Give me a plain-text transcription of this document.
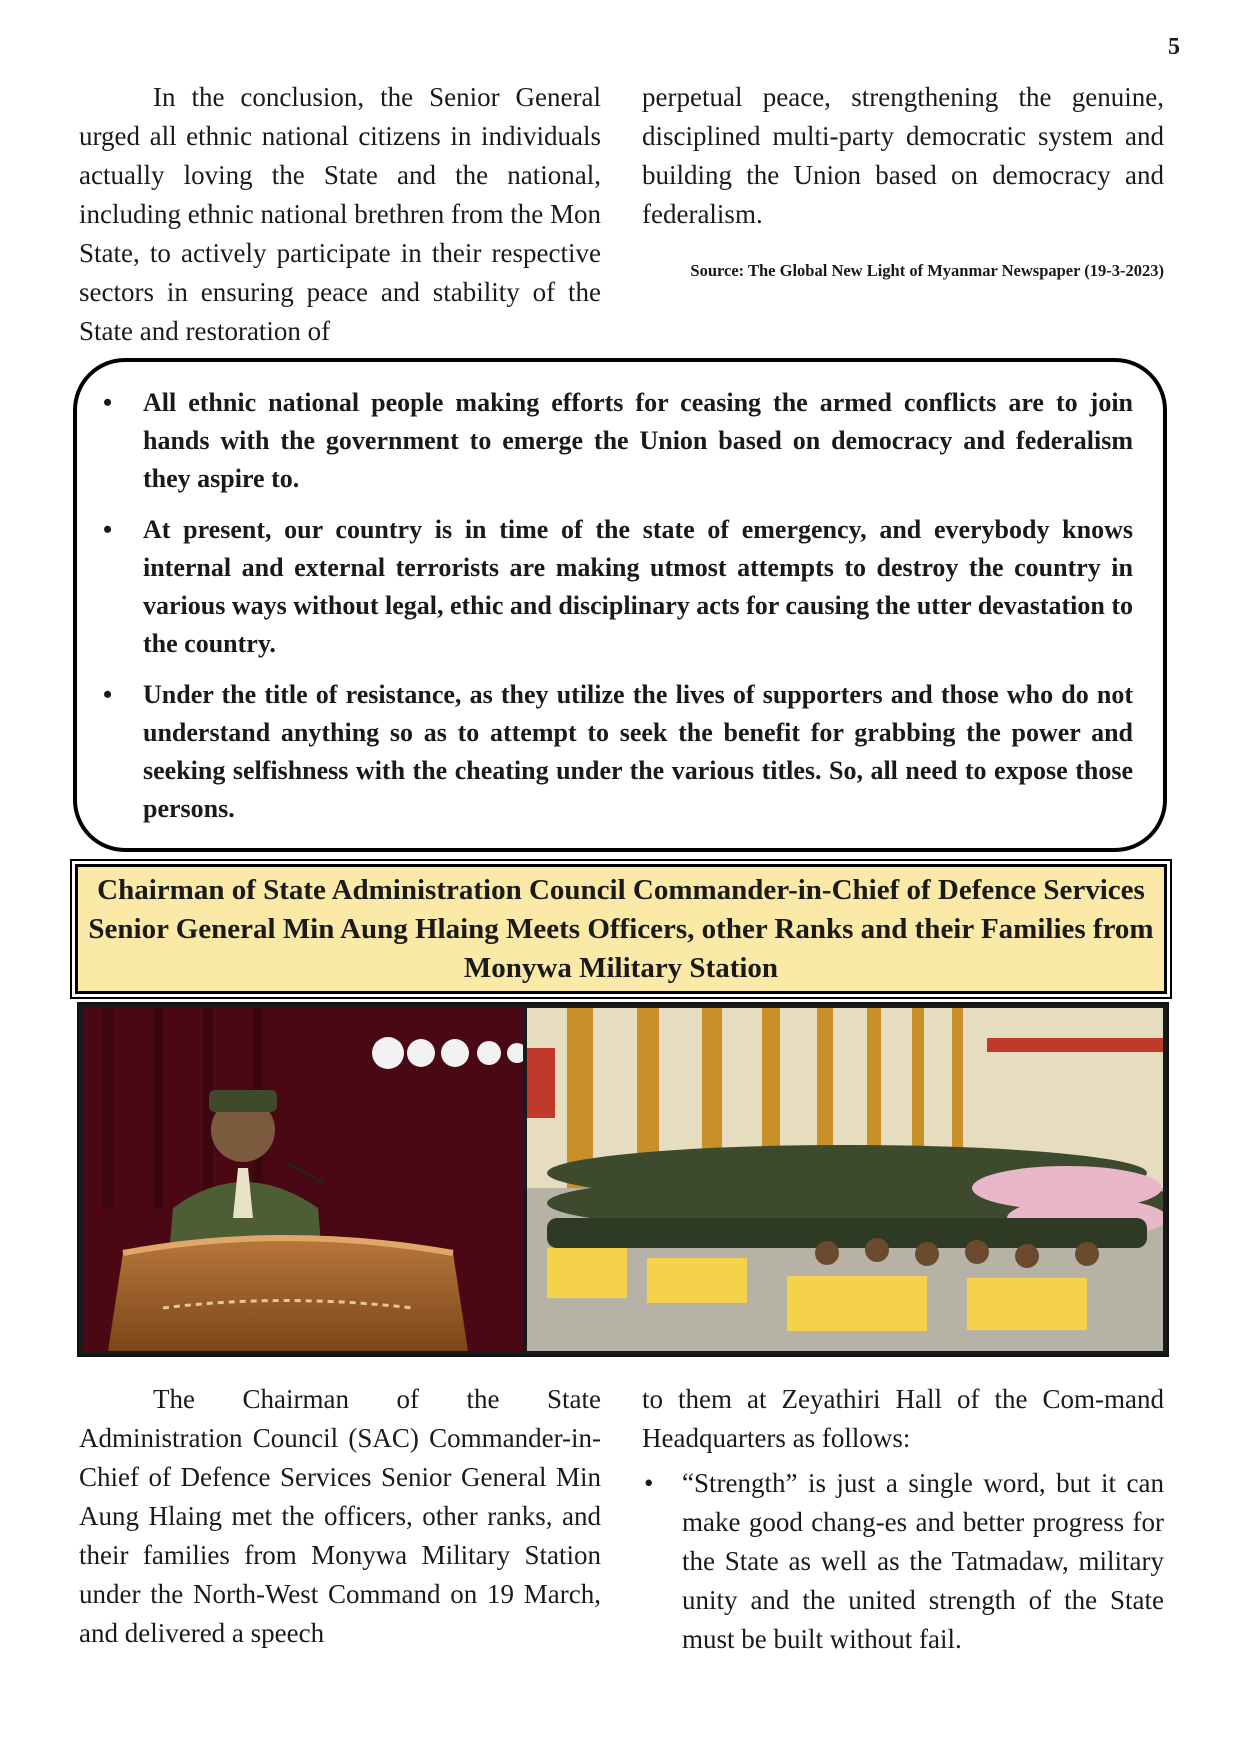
5

In the conclusion, the Senior General urged all ethnic national citizens in individuals actually loving the State and the national, including ethnic national brethren from the Mon State, to actively participate in their respective sectors in ensuring peace and stability of the State and restoration of

perpetual peace, strengthening the genuine, disciplined multi-party democratic system and building the Union based on democracy and federalism.

Source: The Global New Light of Myanmar Newspaper (19-3-2023)
• All ethnic national people making efforts for ceasing the armed conflicts are to join hands with the government to emerge the Union based on democracy and federalism they aspire to.
• At present, our country is in time of the state of emergency, and everybody knows internal and external terrorists are making utmost attempts to destroy the country in various ways without legal, ethic and disciplinary acts for causing the utter devastation to the country.
• Under the title of resistance, as they utilize the lives of supporters and those who do not understand anything so as to attempt to seek the benefit for grabbing the power and seeking selfishness with the cheating under the various titles. So, all need to expose those persons.
Chairman of State Administration Council Commander-in-Chief of Defence Services Senior General Min Aung Hlaing Meets Officers, other Ranks and their Families from Monywa Military Station

The Chairman of the State Administration Council (SAC) Commander-in-Chief of Defence Services Senior General Min Aung Hlaing met the officers, other ranks, and their families from Monywa Military Station under the North-West Command on 19 March, and delivered a speech

to them at Zeyathiri Hall of the Com-mand Headquarters as follows:

• “Strength” is just a single word, but it can make good chang-es and better progress for the State as well as the Tatmadaw, military unity and the united strength of the State must be built without fail.
